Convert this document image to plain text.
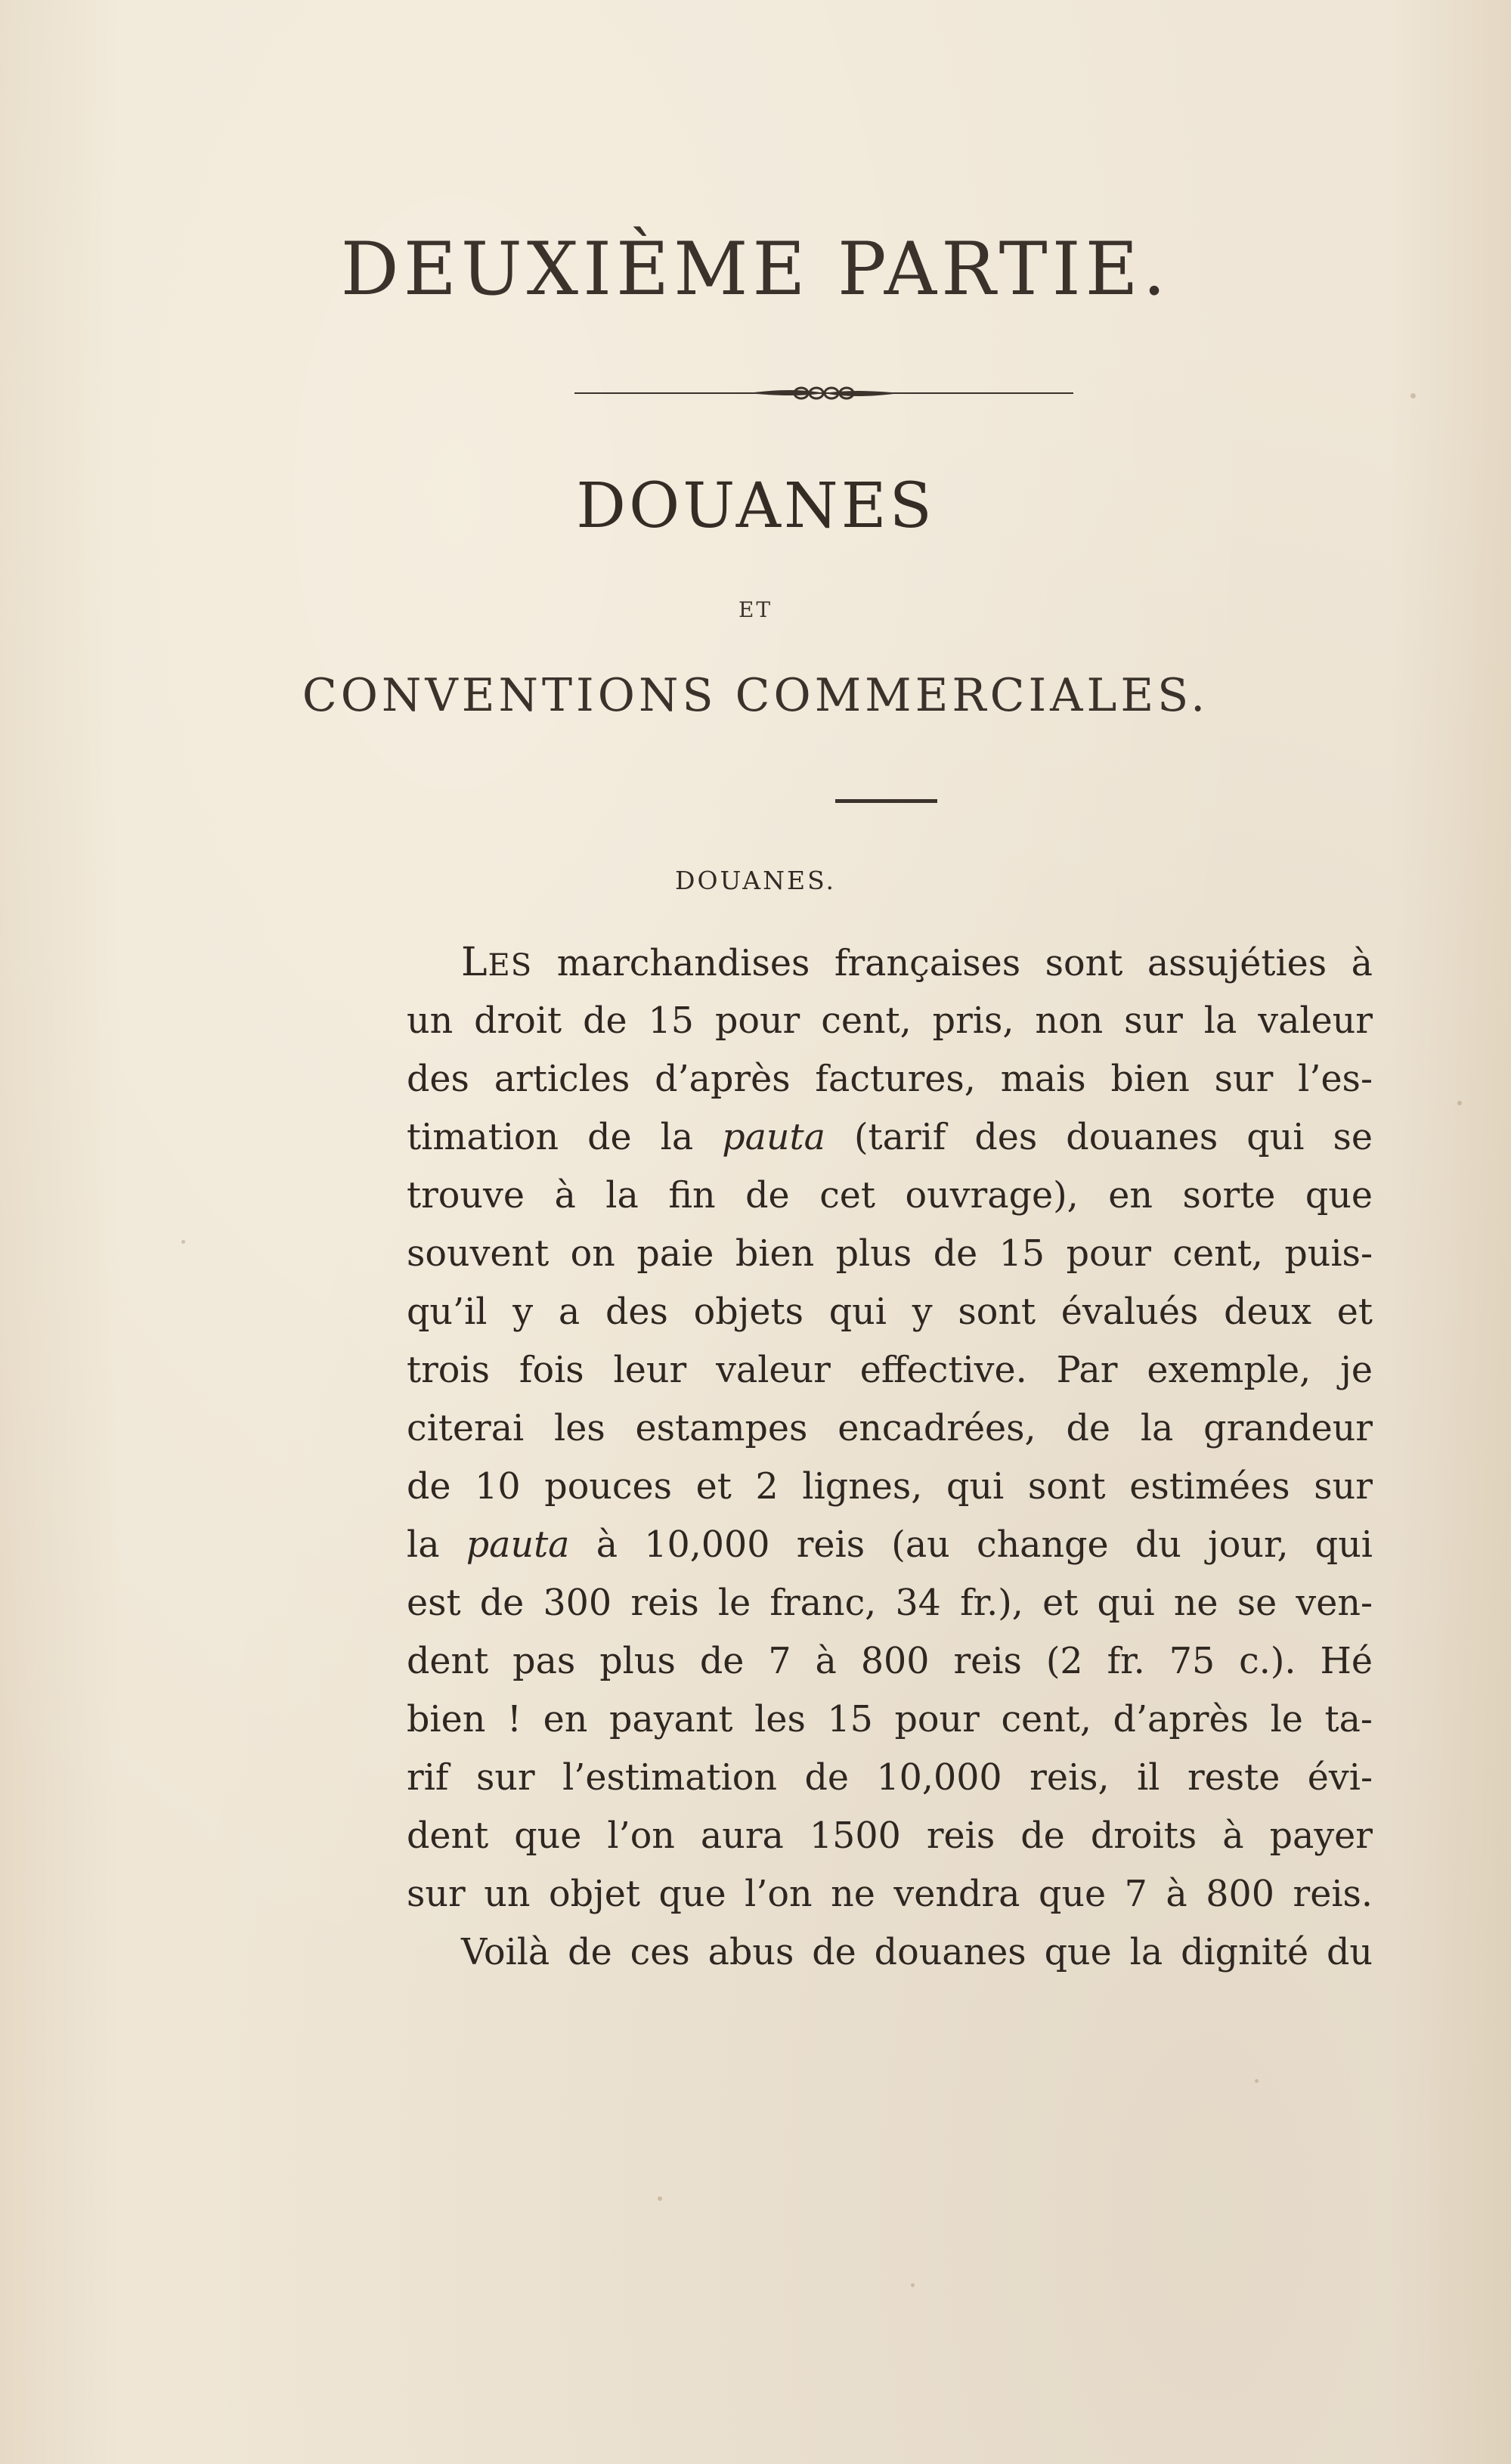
DEUXIÈME PARTIE.
DOUANES
ET
CONVENTIONS COMMERCIALES.
DOUANES.
LES marchandises françaises sont assujéties à
un droit de 15 pour cent, pris, non sur la valeur
des articles d’après factures, mais bien sur l’es-
timation de la pauta (tarif des douanes qui se
trouve à la fin de cet ouvrage), en sorte que
souvent on paie bien plus de 15 pour cent, puis-
qu’il y a des objets qui y sont évalués deux et
trois fois leur valeur effective. Par exemple, je
citerai les estampes encadrées, de la grandeur
de 10 pouces et 2 lignes, qui sont estimées sur
la pauta à 10,000 reis (au change du jour, qui
est de 300 reis le franc, 34 fr.), et qui ne se ven-
dent pas plus de 7 à 800 reis (2 fr. 75 c.). Hé
bien ! en payant les 15 pour cent, d’après le ta-
rif sur l’estimation de 10,000 reis, il reste évi-
dent que l’on aura 1500 reis de droits à payer
sur un objet que l’on ne vendra que 7 à 800 reis.
Voilà de ces abus de douanes que la dignité du
